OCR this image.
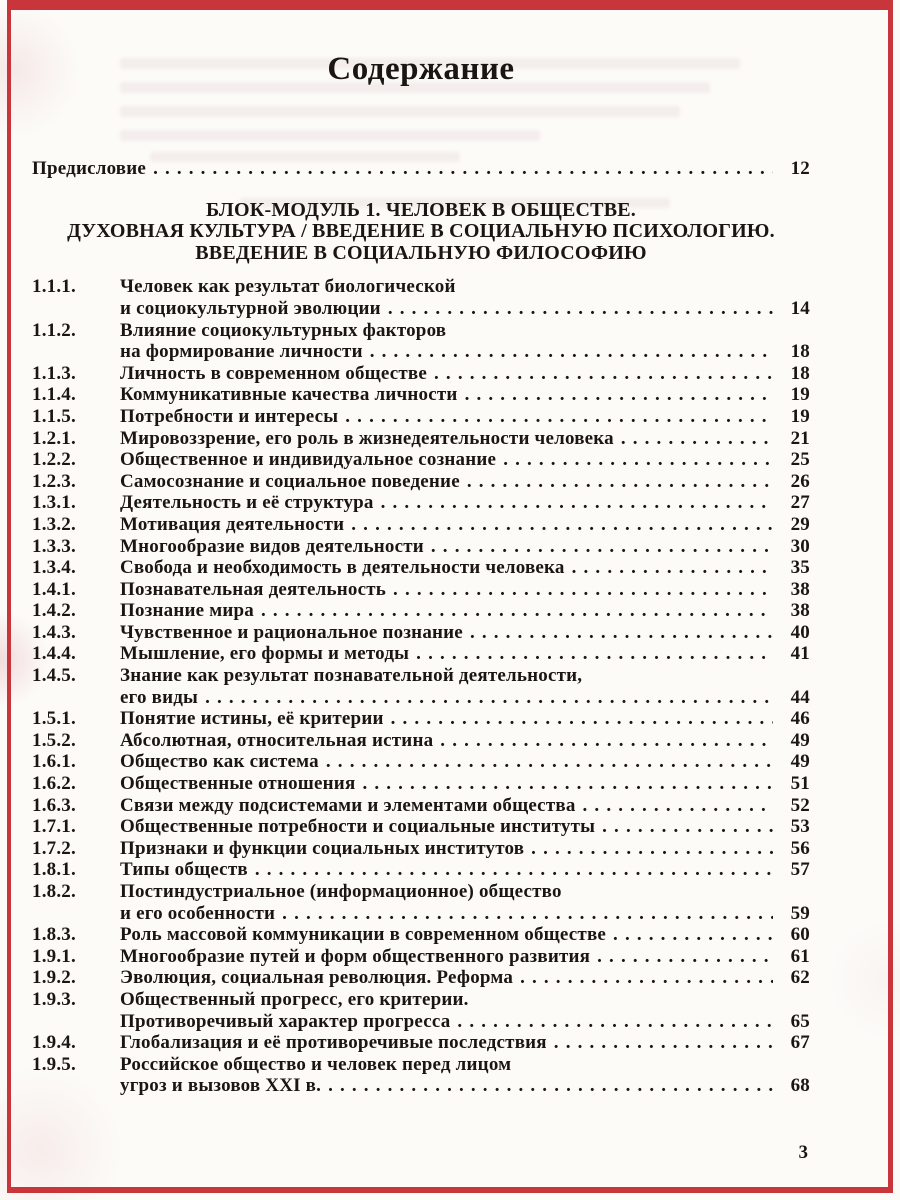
Содержание
Предисловие . . .	12
БЛОК-МОДУЛЬ 1. ЧЕЛОВЕК В ОБЩЕСТВЕ.
ДУХОВНАЯ КУЛЬТУРА / ВВЕДЕНИЕ В СОЦИАЛЬНУЮ ПСИХОЛОГИЮ.
ВВЕДЕНИЕ В СОЦИАЛЬНУЮ ФИЛОСОФИЮ
1.1.1.	Человек как результат биологической
и социокультурной эволюции . . .	14
1.1.2.	Влияние социокультурных факторов
на формирование личности . . .	18
1.1.3.	Личность в современном обществе . . .	18
1.1.4.	Коммуникативные качества личности . . .	19
1.1.5.	Потребности и интересы . . .	19
1.2.1.	Мировоззрение, его роль в жизнедеятельности человека . . .	21
1.2.2.	Общественное и индивидуальное сознание . . .	25
1.2.3.	Самосознание и социальное поведение . . .	26
1.3.1.	Деятельность и её структура . . .	27
1.3.2.	Мотивация деятельности . . .	29
1.3.3.	Многообразие видов деятельности . . .	30
1.3.4.	Свобода и необходимость в деятельности человека . . .	35
1.4.1.	Познавательная деятельность . . .	38
1.4.2.	Познание мира . . .	38
1.4.3.	Чувственное и рациональное познание . . .	40
1.4.4.	Мышление, его формы и методы . . .	41
1.4.5.	Знание как результат познавательной деятельности,
его виды . . .	44
1.5.1.	Понятие истины, её критерии . . .	46
1.5.2.	Абсолютная, относительная истина . . .	49
1.6.1.	Общество как система . . .	49
1.6.2.	Общественные отношения . . .	51
1.6.3.	Связи между подсистемами и элементами общества . . .	52
1.7.1.	Общественные потребности и социальные институты . . .	53
1.7.2.	Признаки и функции социальных институтов . . .	56
1.8.1.	Типы обществ . . .	57
1.8.2.	Постиндустриальное (информационное) общество
и его особенности . . .	59
1.8.3.	Роль массовой коммуникации в современном обществе . . .	60
1.9.1.	Многообразие путей и форм общественного развития . . .	61
1.9.2.	Эволюция, социальная революция. Реформа . . .	62
1.9.3.	Общественный прогресс, его критерии.
Противоречивый характер прогресса . . .	65
1.9.4.	Глобализация и её противоречивые последствия . . .	67
1.9.5.	Российское общество и человек перед лицом
угроз и вызовов XXI в. . . .	68
3
